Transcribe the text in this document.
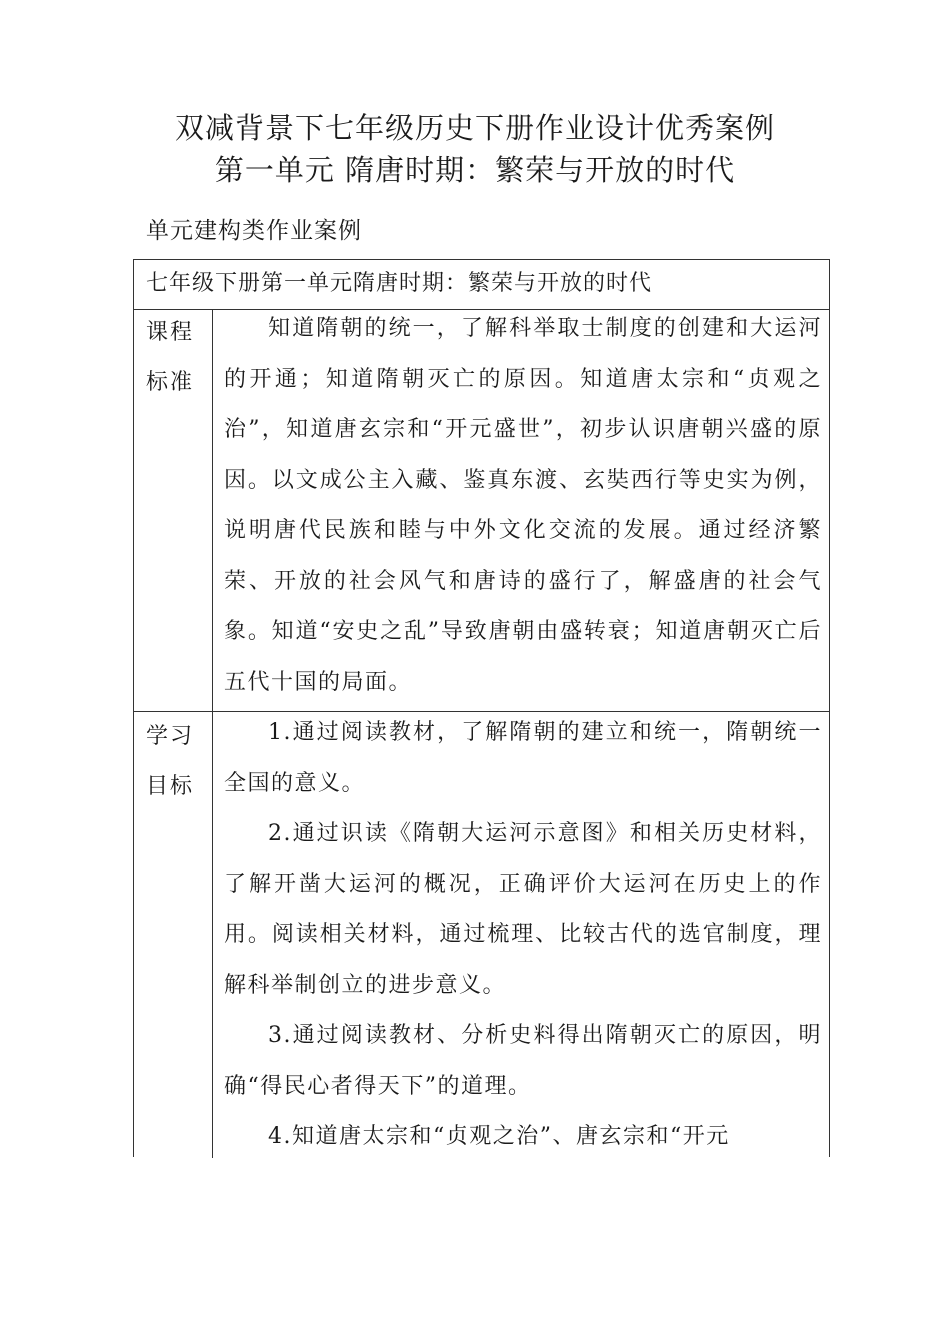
双减背景下七年级历史下册作业设计优秀案例
第一单元 隋唐时期：繁荣与开放的时代
单元建构类作业案例
七年级下册第一单元隋唐时期：繁荣与开放的时代
课程
标准

知道隋朝的统一，了解科举取士制度的创建和大运河的开通；知道隋朝灭亡的原因。知道唐太宗和“贞观之治”，知道唐玄宗和“开元盛世”，初步认识唐朝兴盛的原因。以文成公主入藏、鉴真东渡、玄奘西行等史实为例，说明唐代民族和睦与中外文化交流的发展。通过经济繁荣、开放的社会风气和唐诗的盛行了，解盛唐的社会气象。知道“安史之乱”导致唐朝由盛转衰；知道唐朝灭亡后五代十国的局面。

学习
目标

1.通过阅读教材，了解隋朝的建立和统一，隋朝统一全国的意义。

2.通过识读《隋朝大运河示意图》和相关历史材料，了解开凿大运河的概况，正确评价大运河在历史上的作用。阅读相关材料，通过梳理、比较古代的选官制度，理解科举制创立的进步意义。

3.通过阅读教材、分析史料得出隋朝灭亡的原因，明确“得民心者得天下”的道理。

4.知道唐太宗和“贞观之治”、唐玄宗和“开元
